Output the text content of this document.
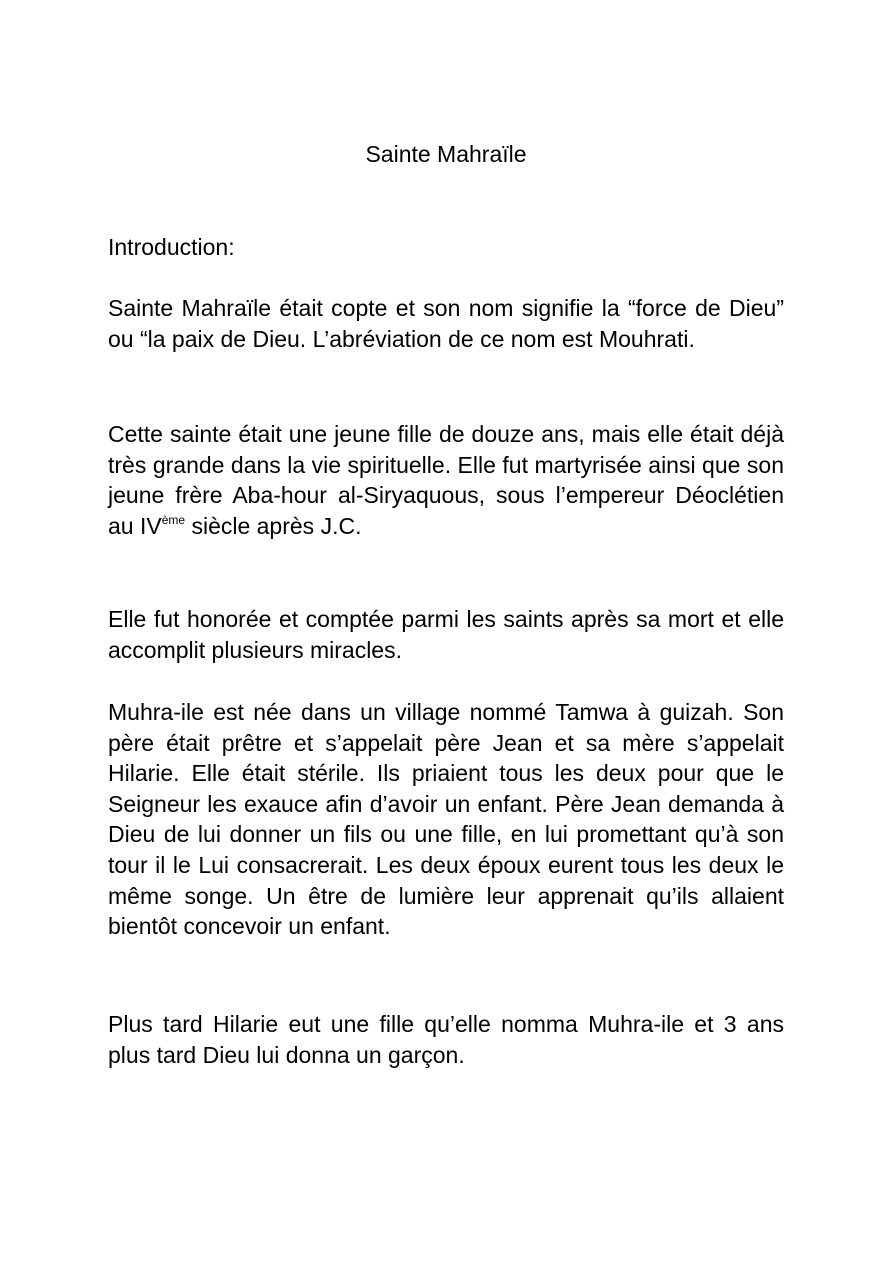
Sainte Mahraïle

Introduction:

Sainte Mahraïle était copte et son nom signifie la “force de Dieu” ou “la paix de Dieu. L’abréviation de ce nom est Mouhrati.

Cette sainte était une jeune fille de douze ans, mais elle était déjà très grande dans la vie spirituelle. Elle fut martyrisée ainsi que son jeune frère Aba-hour al-Siryaquous, sous l’empereur Déoclétien au IVème siècle après J.C.

Elle fut honorée et comptée parmi les saints après sa mort et elle accomplit plusieurs miracles.

Muhra-ile est née dans un village nommé Tamwa à guizah. Son père était prêtre et s’appelait père Jean et sa mère s’appelait Hilarie. Elle était stérile. Ils priaient tous les deux pour que le Seigneur les exauce afin d’avoir un enfant. Père Jean demanda à Dieu de lui donner un fils ou une fille, en lui promettant qu’à son tour il le Lui consacrerait. Les deux époux eurent tous les deux le même songe. Un être de lumière leur apprenait qu’ils allaient bientôt concevoir un enfant.

Plus tard Hilarie eut une fille qu’elle nomma Muhra-ile et 3 ans plus tard Dieu lui donna un garçon.
